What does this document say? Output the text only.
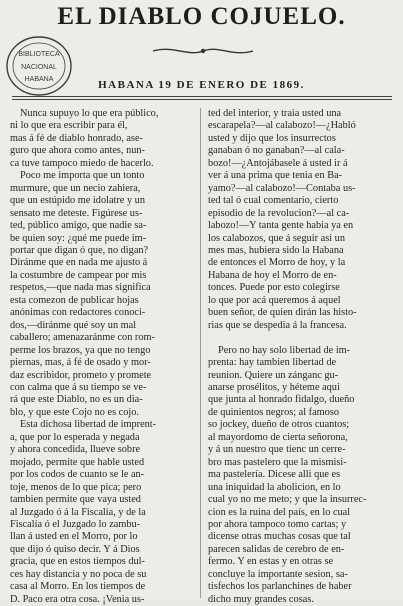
EL DIABLO COJUELO.
BIBLIOTECA
NACIONAL
HABANA	HABANA 19 DE ENERO DE 1869.
Nunca supuyo lo que era público,
ni lo que era escribir para él,
mas á fé de diablo honrado, ase-
guro que ahora como antes, nun-
ca tuve tampoco miedo de hacerlo.
Poco me importa que un tonto
murmure, que un necio zahiera,
que un estúpido me idolatre y un
sensato me deteste. Figúrese us-
ted, público amigo, que nadie sa-
be quien soy: ¿qué me puede im-
portar que digan ó que, no digan?
Diránme que en nada me ajusto á
la costumbre de campear por mis
respetos,—que nada mas significa
esta comezon de publicar hojas
anónimas con redactores conoci-
dos,—diránme qué soy un mal
caballero; amenazaránme con rom-
perme los brazos, ya que no tengo
piernas, mas, á fé de osado y mor-
daz escribidor, prometo y promete
con calma que á su tiempo se ve-
rá que este Diablo, no es un dia-
blo, y que este Cojo no es cojo.
Esta dichosa libertad de imprent-
a, que por lo esperada y negada
y ahora concedida, llueve sobre
mojado, permite que hable usted
por los codos de cuanto se le an-
toje, menos de lo que pica; pero
tambien permite que vaya usted
al Juzgado ó á la Fiscalía, y de la
Fiscalía ó el Juzgado lo zambu-
llan á usted en el Morro, por lo
que dijo ó quiso decir. Y á Dios
gracia, que en estos tiempos dul-
ces hay distancia y no poca de su
casa al Morro. En los tiempos de
D. Paco era otra cosa. ¡Venia us-
ted del interior, y traia usted una
escarapela?—al calabozo!—¿Habló
usted y dijo que los insurrectos
ganaban ó no ganaban?—al cala-
bozo!—¿Antojábasele á usted ir á
ver á una prima que tenia en Ba-
yamo?—al calabozo!—Contaba us-
ted tal ó cual comentario, cierto
episodio de la revolucion?—al ca-
labozo!—Y tanta gente habia ya en
los calabozos, que á seguir asi un
mes mas, hubiera sido la Habana
de entonces el Morro de hoy, y la
Habana de hoy el Morro de en-
tonces. Puede por esto colegirse
lo que por acá queremos á aquel
buen señor, de quien dirán las histo-
rias que se despedia á la francesa.

Pero no hay solo libertad de im-
prenta: hay tambien libertad de
reunion. Quiere un zánganc gu-
anarse prosélitos, y héteme aqui
que junta al honrado fidalgo, dueño
de quinientos negros; al famoso
so jockey, dueño de otros cuantos;
al mayordomo de cierta señorona,
y á un nuestro que tienc un cerre-
bro mas pastelero que la mismisi-
ma pastelería. Dicese alli que es
una iniquidad la abolicion, en lo
cual yo no me meto; y que la insurrec-
cion es la ruina del país, en lo cual
por ahora tampoco tomo cartas; y
dicense otras muchas cosas que tal
parecen salidas de cerebro de en-
fermo. Y en estas y en otras se
concluye la importante sesion, sa-
tisfechos los parlanchines de haber
dicho muy grandes cosas.
